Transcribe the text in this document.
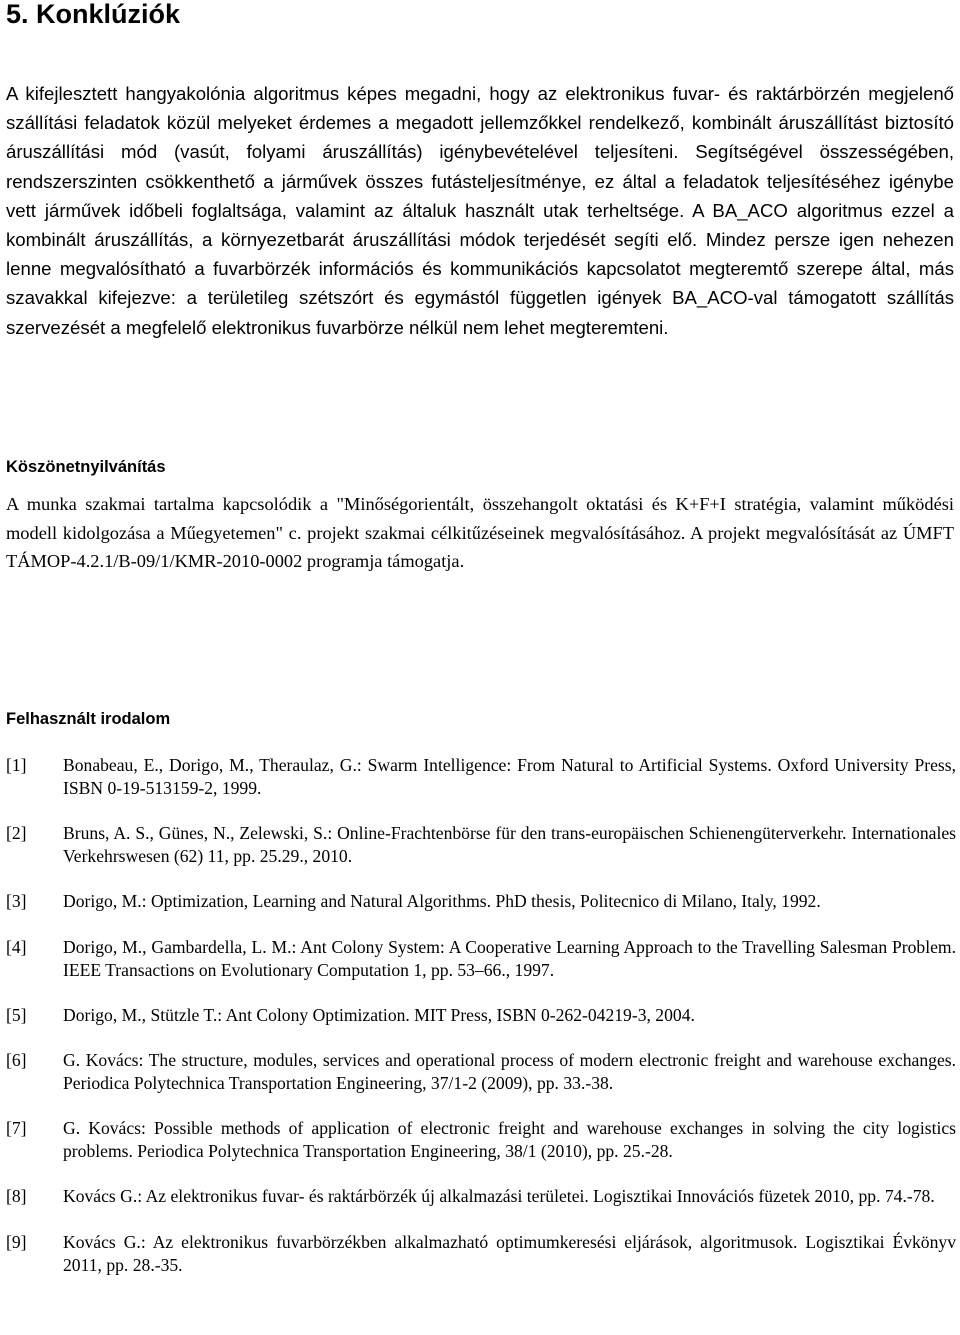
5. Konklúziók

A kifejlesztett hangyakolónia algoritmus képes megadni, hogy az elektronikus fuvar- és raktárbörzén megjelenő szállítási feladatok közül melyeket érdemes a megadott jellemzőkkel rendelkező, kombinált áruszállítást biztosító áruszállítási mód (vasút, folyami áruszállítás) igénybevételével teljesíteni. Segítségével összességében, rendszerszinten csökkenthető a járművek összes futásteljesítménye, ez által a feladatok teljesítéséhez igénybe vett járművek időbeli foglaltsága, valamint az általuk használt utak terheltsége. A BA_ACO algoritmus ezzel a kombinált áruszállítás, a környezetbarát áruszállítási módok terjedését segíti elő. Mindez persze igen nehezen lenne megvalósítható a fuvarbörzék információs és kommunikációs kapcsolatot megteremtő szerepe által, más szavakkal kifejezve: a területileg szétszórt és egymástól független igények BA_ACO-val támogatott szállítás szervezését a megfelelő elektronikus fuvarbörze nélkül nem lehet megteremteni.

Köszönetnyilvánítás

A munka szakmai tartalma kapcsolódik a "Minőségorientált, összehangolt oktatási és K+F+I stratégia, valamint működési modell kidolgozása a Műegyetemen" c. projekt szakmai célkitűzéseinek megvalósításához. A projekt megvalósítását az ÚMFT TÁMOP-4.2.1/B-09/1/KMR-2010-0002 programja támogatja.

Felhasznált irodalom
[1]	Bonabeau, E., Dorigo, M., Theraulaz, G.: Swarm Intelligence: From Natural to Artificial Systems. Oxford University Press, ISBN 0-19-513159-2, 1999.
[2]	Bruns, A. S., Günes, N., Zelewski, S.: Online-Frachtenbörse für den trans-europäischen Schienengüterverkehr. Internationales Verkehrswesen (62) 11, pp. 25.29., 2010.
[3]	Dorigo, M.: Optimization, Learning and Natural Algorithms. PhD thesis, Politecnico di Milano, Italy, 1992.
[4]	Dorigo, M., Gambardella, L. M.: Ant Colony System: A Cooperative Learning Approach to the Travelling Salesman Problem. IEEE Transactions on Evolutionary Computation 1, pp. 53–66., 1997.
[5]	Dorigo, M., Stützle T.: Ant Colony Optimization. MIT Press, ISBN 0-262-04219-3, 2004.
[6]	G. Kovács: The structure, modules, services and operational process of modern electronic freight and warehouse exchanges. Periodica Polytechnica Transportation Engineering, 37/1-2 (2009), pp. 33.-38.
[7]	G. Kovács: Possible methods of application of electronic freight and warehouse exchanges in solving the city logistics problems. Periodica Polytechnica Transportation Engineering, 38/1 (2010), pp. 25.-28.
[8]	Kovács G.: Az elektronikus fuvar- és raktárbörzék új alkalmazási területei. Logisztikai Innovációs füzetek 2010, pp. 74.-78.
[9]	Kovács G.: Az elektronikus fuvarbörzékben alkalmazható optimumkeresési eljárások, algoritmusok. Logisztikai Évkönyv 2011, pp. 28.-35.
